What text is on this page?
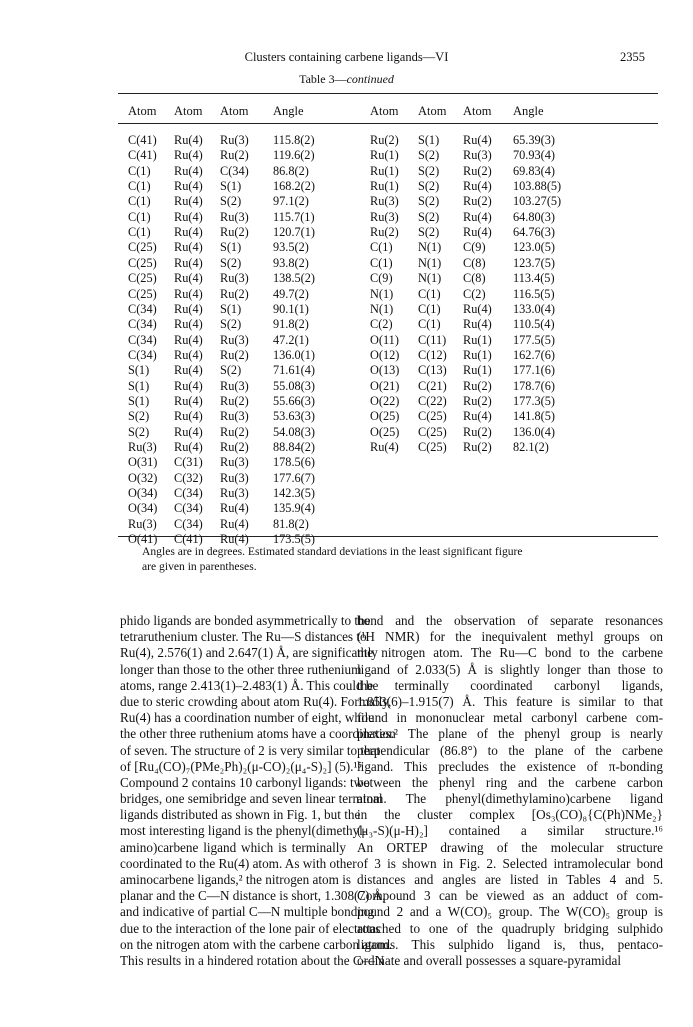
Clusters containing carbene ligands—VI	2355
Table 3—continued
Atom Atom Atom Angle	Atom Atom Atom Angle
C(41) Ru(4) Ru(3) 115.8(2)	Ru(2) S(1) Ru(4) 65.39(3)
C(41) Ru(4) Ru(2) 119.6(2)	Ru(1) S(2) Ru(3) 70.93(4)
C(1) Ru(4) C(34) 86.8(2)	Ru(1) S(2) Ru(2) 69.83(4)
C(1) Ru(4) S(1)	168.2(2)	Ru(1) S(2) Ru(4) 103.88(5)
C(1) Ru(4) S(2)	97.1(2)	Ru(3) S(2) Ru(2) 103.27(5)
C(1) Ru(4) Ru(3) 115.7(1)	Ru(3) S(2) Ru(4) 64.80(3)
C(1) Ru(4) Ru(2) 120.7(1)	Ru(2) S(2) Ru(4) 64.76(3)
C(25) Ru(4) S(1)	93.5(2)	C(1) N(1) C(9) 123.0(5)
C(25) Ru(4) S(2)	93.8(2)	C(1) N(1) C(8) 123.7(5)
C(25) Ru(4) Ru(3) 138.5(2)	C(9) N(1) C(8) 113.4(5)
C(25) Ru(4) Ru(2) 49.7(2)	N(1) C(1) C(2) 116.5(5)
C(34) Ru(4) S(1)	90.1(1)	N(1) C(1) Ru(4) 133.0(4)
C(34) Ru(4) S(2)	91.8(2)	C(2) C(1) Ru(4) 110.5(4)
C(34) Ru(4) Ru(3) 47.2(1)	O(11) C(11) Ru(1) 177.5(5)
C(34) Ru(4) Ru(2) 136.0(1)	O(12) C(12) Ru(1) 162.7(6)
S(1) Ru(4) S(2)	71.61(4)	O(13) C(13) Ru(1) 177.1(6)
S(1) Ru(4) Ru(3) 55.08(3)	O(21) C(21) Ru(2) 178.7(6)
S(1) Ru(4) Ru(2) 55.66(3)	O(22) C(22) Ru(2) 177.3(5)
S(2) Ru(4) Ru(3) 53.63(3)	O(25) C(25) Ru(4) 141.8(5)
S(2) Ru(4) Ru(2) 54.08(3)	O(25) C(25) Ru(2) 136.0(4)
Ru(3) Ru(4) Ru(2) 88.84(2)	Ru(4) C(25) Ru(2) 82.1(2)
O(31) C(31) Ru(3) 178.5(6)
O(32) C(32) Ru(3) 177.6(7)
O(34) C(34) Ru(3) 142.3(5)
O(34) C(34) Ru(4) 135.9(4)
Ru(3) C(34) Ru(4) 81.8(2)
O(41) C(41) Ru(4) 173.5(5)
Angles are in degrees. Estimated standard deviations in the least significant figure
are given in parentheses.
phido ligands are bonded asymmetrically to the
tetraruthenium cluster. The Ru—S distances to
Ru(4), 2.576(1) and 2.647(1) Å, are significantly
longer than those to the other three ruthenium
atoms, range 2.413(1)–2.483(1) Å. This could be
due to steric crowding about atom Ru(4). Formally,
Ru(4) has a coordination number of eight, while
the other three ruthenium atoms have a coordination
of seven. The structure of 2 is very similar to that
of [Ru₄(CO)₇(PMe₂Ph)₂(μ-CO)₂(μ₄-S)₂] (5).¹⁵
Compound 2 contains 10 carbonyl ligands: two
bridges, one semibridge and seven linear terminal
ligands distributed as shown in Fig. 1, but the
most interesting ligand is the phenyl(dimethyl-
amino)carbene ligand which is terminally
coordinated to the Ru(4) atom. As with other
aminocarbene ligands,² the nitrogen atom is
planar and the C—N distance is short, 1.308(7) Å,
and indicative of partial C—N multiple bonding
due to the interaction of the lone pair of electrons
on the nitrogen atom with the carbene carbon atom.
This results in a hindered rotation about the C—N
bond and the observation of separate resonances
(¹H NMR) for the inequivalent methyl groups on
the nitrogen atom. The Ru—C bond to the carbene
ligand of 2.033(5) Å is slightly longer than those to
the terminally coordinated carbonyl ligands,
1.853(6)–1.915(7) Å. This feature is similar to that
found in mononuclear metal carbonyl carbene com-
plexes.² The plane of the phenyl group is nearly
perpendicular (86.8°) to the plane of the carbene
ligand. This precludes the existence of π-bonding
between the phenyl ring and the carbene carbon
atom. The phenyl(dimethylamino)carbene ligand
in the cluster complex [Os₃(CO)₈{C(Ph)NMe₂}
(μ₃-S)(μ-H)₂] contained a similar structure.¹⁶
An ORTEP drawing of the molecular structure
of 3 is shown in Fig. 2. Selected intramolecular bond
distances and angles are listed in Tables 4 and 5.
Compound 3 can be viewed as an adduct of com-
pound 2 and a W(CO)₅ group. The W(CO)₅ group is
attached to one of the quadruply bridging sulphido
ligands. This sulphido ligand is, thus, pentaco-
ordinate and overall possesses a square-pyramidal
